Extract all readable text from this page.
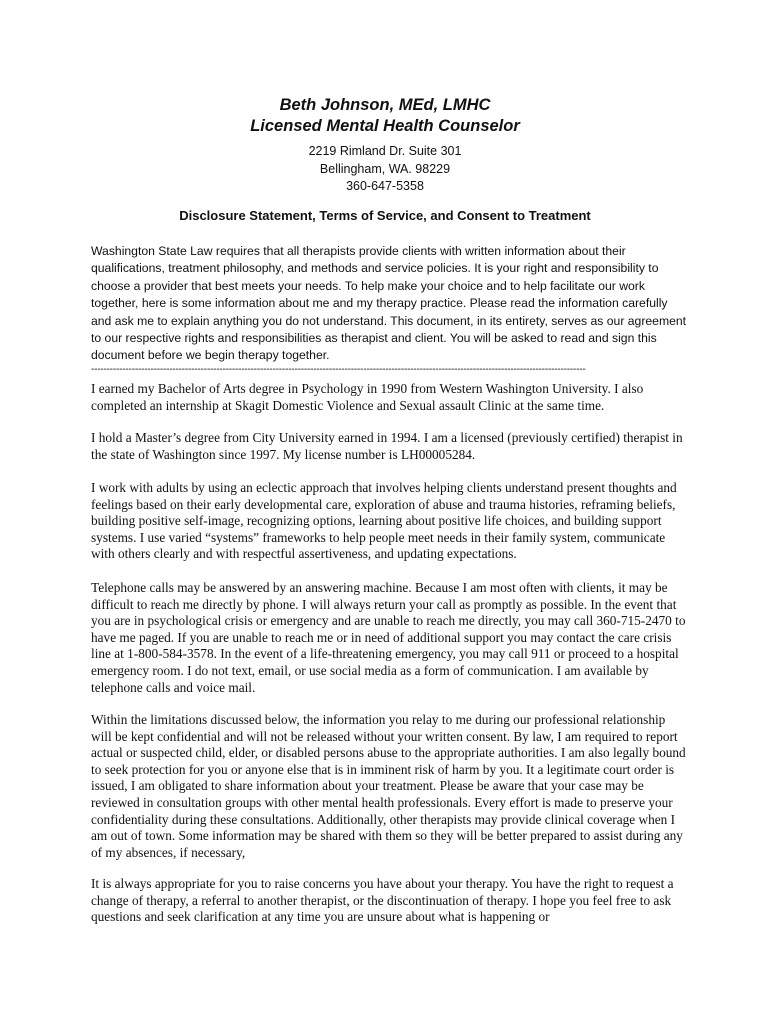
Beth Johnson, MEd, LMHC

Licensed Mental Health Counselor

2219 Rimland Dr. Suite 301

Bellingham, WA. 98229

360-647-5358

Disclosure Statement, Terms of Service, and Consent to Treatment

Washington State Law requires that all therapists provide clients with written information about their qualifications, treatment philosophy, and methods and service policies. It is your right and responsibility to choose a provider that best meets your needs. To help make your choice and to help facilitate our work together, here is some information about me and my therapy practice. Please read the information carefully and ask me to explain anything you do not understand. This document, in its entirety, serves as our agreement to our respective rights and responsibilities as therapist and client. You will be asked to read and sign this document before we begin therapy together.

--------------------------------------------------------------------------------------------------------------------------------------------------------------

I earned my Bachelor of Arts degree in Psychology in 1990 from Western Washington University. I also completed an internship at Skagit Domestic Violence and Sexual assault Clinic at the same time.

I hold a Master’s degree from City University earned in 1994. I am a licensed (previously certified) therapist in the state of Washington since 1997. My license number is LH00005284.

I work with adults by using an eclectic approach that involves helping clients understand present thoughts and feelings based on their early developmental care, exploration of abuse and trauma histories, reframing beliefs, building positive self-image, recognizing options, learning about positive life choices, and building support systems. I use varied “systems” frameworks to help people meet needs in their family system, communicate with others clearly and with respectful assertiveness, and updating expectations.

Telephone calls may be answered by an answering machine. Because I am most often with clients, it may be difficult to reach me directly by phone. I will always return your call as promptly as possible. In the event that you are in psychological crisis or emergency and are unable to reach me directly, you may call 360-715-2470 to have me paged. If you are unable to reach me or in need of additional support you may contact the care crisis line at 1-800-584-3578. In the event of a life-threatening emergency, you may call 911 or proceed to a hospital emergency room. I do not text, email, or use social media as a form of communication. I am available by telephone calls and voice mail.

Within the limitations discussed below, the information you relay to me during our professional relationship will be kept confidential and will not be released without your written consent. By law, I am required to report actual or suspected child, elder, or disabled persons abuse to the appropriate authorities. I am also legally bound to seek protection for you or anyone else that is in imminent risk of harm by you. It a legitimate court order is issued, I am obligated to share information about your treatment. Please be aware that your case may be reviewed in consultation groups with other mental health professionals. Every effort is made to preserve your confidentiality during these consultations. Additionally, other therapists may provide clinical coverage when I am out of town. Some information may be shared with them so they will be better prepared to assist during any of my absences, if necessary,

It is always appropriate for you to raise concerns you have about your therapy. You have the right to request a change of therapy, a referral to another therapist, or the discontinuation of therapy. I hope you feel free to ask questions and seek clarification at any time you are unsure about what is happening or
